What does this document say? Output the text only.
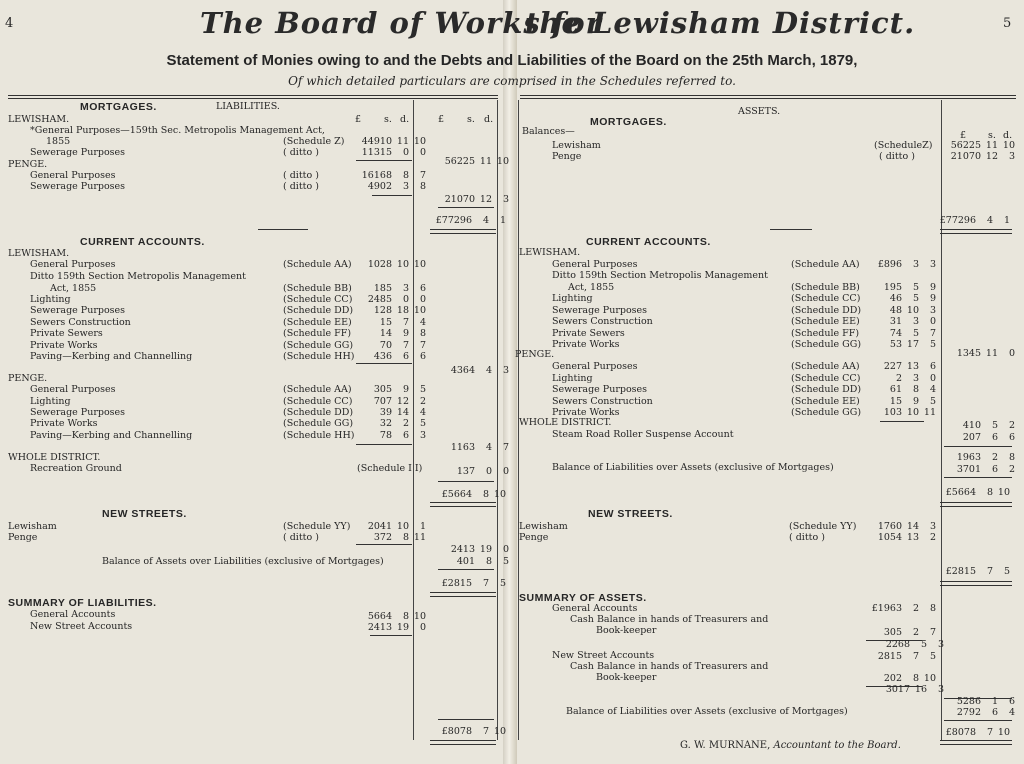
4	5
The Board of Works for
the Lewisham District.
Statement of Monies owing to and the Debts and Liabilities of the Board on the 25th March, 1879,
Of which detailed particulars are comprised in the Schedules referred to.
MORTGAGES.	LIABILITIES.
£ s. d.	£ s. d.
LEWISHAM.
*General Purposes—159th Sec. Metropolis Management Act,
1855	(Schedule Z)	44910 11 10
Sewerage Purposes	( ditto )	11315	0	0
56225 11 10
PENGE.
General Purposes	( ditto )	16168	8	7
Sewerage Purposes	( ditto )	4902	3	8
21070 12	3
£77296	4	1
CURRENT ACCOUNTS.
LEWISHAM.
General Purposes	(Schedule AA)	1028 10 10
Ditto 159th Section Metropolis Management
Act, 1855	(Schedule BB)	185	3	6
Lighting	(Schedule CC)	2485	0	0
Sewerage Purposes	(Schedule DD)	128 18 10
Sewers Construction	(Schedule EE)	15	7	4
Private Sewers	(Schedule FF)	14	9	8
Private Works	(Schedule GG)	70	7	7
Paving—Kerbing and Channelling	(Schedule HH)	436	6	6
4364	4	3
PENGE.
General Purposes	(Schedule AA)	305	9	5
Lighting	(Schedule CC)	707 12	2
Sewerage Purposes	(Schedule DD)	39 14	4
Private Works	(Schedule GG)	32	2	5
Paving—Kerbing and Channelling	(Schedule HH)	78	6	3
1163	4	7
WHOLE DISTRICT.
Recreation Ground	(Schedule I I)	137	0	0
£5664	8 10
NEW STREETS.
Lewisham	(Schedule YY)	2041 10	1
Penge	( ditto )	372	8 11
2413 19	0
Balance of Assets over Liabilities (exclusive of Mortgages)	401	8	5
£2815	7	5
SUMMARY OF LIABILITIES.
General Accounts	5664	8 10
New Street Accounts	2413 19	0
£8078	7 10
ASSETS.
MORTGAGES.
Balances—	£ s. d.
Lewisham	(ScheduleZ)	56225 11 10
Penge	( ditto )	21070 12	3
£77296	4	1
CURRENT ACCOUNTS.
LEWISHAM.
General Purposes	(Schedule AA)	£896	3	3
Ditto 159th Section Metropolis Management
Act, 1855	(Schedule BB)	195	5	9
Lighting	(Schedule CC)	46	5	9
Sewerage Purposes	(Schedule DD)	48 10	3
Sewers Construction	(Schedule EE)	31	3	0
Private Sewers	(Schedule FF)	74	5	7
Private Works	(Schedule GG)	53 17	5
1345 11	0
PENGE.
General Purposes	(Schedule AA)	227 13	6
Lighting	(Schedule CC)	2	3	0
Sewerage Purposes	(Schedule DD)	61	8	4
Sewers Construction	(Schedule EE)	15	9	5
Private Works	(Schedule GG)	103 10 11
WHOLE DISTRICT.	410	5	2
Steam Road Roller Suspense Account	207	6	6
1963	2	8
Balance of Liabilities over Assets (exclusive of Mortgages)	3701	6	2
£5664	8 10
NEW STREETS.
Lewisham	(Schedule YY)	1760 14	3
Penge	( ditto )	1054 13	2
£2815	7	5
SUMMARY OF ASSETS.
General Accounts	£1963	2	8
Cash Balance in hands of Treasurers and
Book-keeper	305	2	7
2268	5	3
New Street Accounts	2815	7	5
Cash Balance in hands of Treasurers and
Book-keeper	202	8 10
3017 16	3
5286	1	6
Balance of Liabilities over Assets (exclusive of Mortgages)	2792	6	4
£8078	7 10
G. W. MURNANE, Accountant to the Board.
